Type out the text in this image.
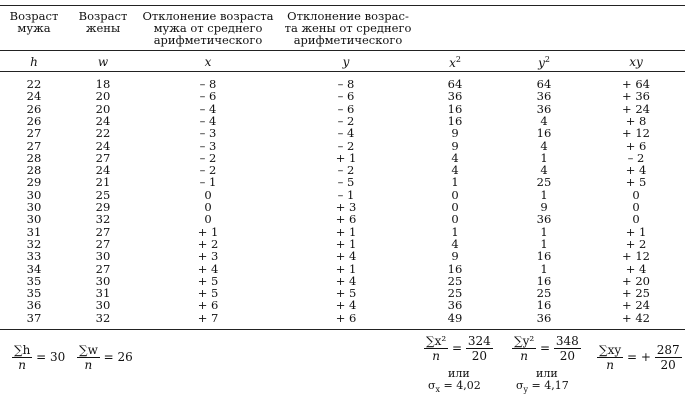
Возраст
мужа
Возраст
жены
Отклонение возраста
мужа от среднего
арифметического
Отклонение возрас-
та жены от среднего
арифметического
h	w	x	y	$x^2$	$y^2$	xy
22	18	– 8	– 8	64	64	+ 64
24	20	– 6	– 6	36	36	+ 36
26	20	– 4	– 6	16	36	+ 24
26	24	– 4	– 2	16	4	+ 8
27	22	– 3	– 4	9	16	+ 12
27	24	– 3	– 2	9	4	+ 6
28	27	– 2	+ 1	4	1	– 2
28	24	– 2	– 2	4	4	+ 4
29	21	– 1	– 5	1	25	+ 5
30	25	0	– 1	0	1	0
30	29	0	+ 3	0	9	0
30	32	0	+ 6	0	36	0
31	27	+ 1	+ 1	1	1	+ 1
32	27	+ 2	+ 1	4	1	+ 2
33	30	+ 3	+ 4	9	16	+ 12
34	27	+ 4	+ 1	16	1	+ 4
35	30	+ 5	+ 4	25	16	+ 20
35	31	+ 5	+ 5	25	25	+ 25
36	30	+ 6	+ 4	36	16	+ 24
37	32	+ 7	+ 6	49	36	+ 42
$\frac{\sum h}{n} = 30 \frac{\sum w}{n} = 26$	$\frac{\text{∑x²}}{n} = \frac{324}{20}$
или
$\sigma_x = 4,02$
$\frac{\text{∑y²}}{n} = \frac{348}{20}$
или
$\sigma_y = 4,17$
$\frac{\sum xy}{n}$ = + $\frac{287}{20}$
